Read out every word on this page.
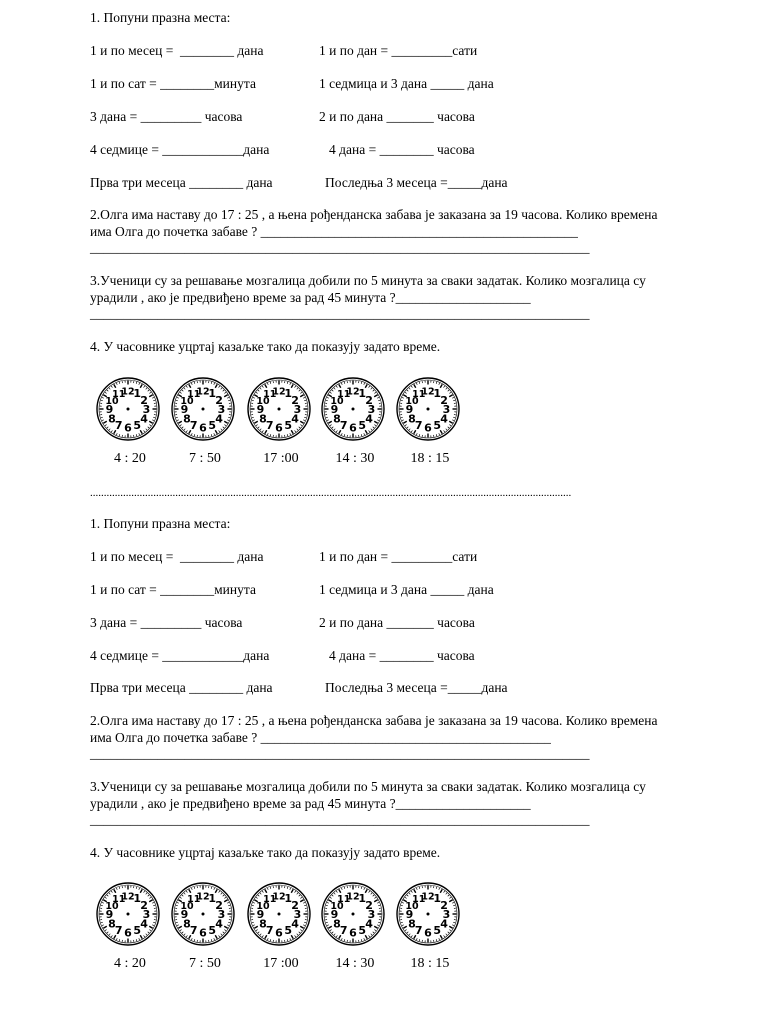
1. Попуни празна места:
1 и по месец =  ________ дана	1 и по дан = _________сати
1 и по сат = ________минута	1 седмица и 3 дана _____ дана
3 дана = _________ часова	2 и по дана _______ часова
4 седмице = ____________дана	4 дана = ________ часова
Прва три месеца ________ дана	Последња 3 месеца =_____дана
2.Олга има наставу до 17 : 25 , а њена рођенданска забава је заказана за 19 часова. Колико времена
има Олга до почетка забаве ? _______________________________________________
__________________________________________________________________________
3.Ученици су за решавање мозгалица добили по 5 минута за сваки задатак. Колико мозгалица су
урадили , ако је предвиђено време за рад 45 минута ?____________________
__________________________________________________________________________
4. У часовнике уцртај казаљке тако да показују задато време.
12
1
2
3
4
5
6
7
8
9
10
11	12
1
2
3
4
5
6
7
8
9
10
11	12
1
2
3
4
5
6
7
8
9
10
11	12
1
2
3
4
5
6
7
8
9
10
11	12
1
2
3
4
5
6
7
8
9
10
11
4 : 20	7 : 50	17 :00	14 : 30	18 : 15
...............................................................................................................................................................................
1. Попуни празна места:
1 и по месец =  ________ дана	1 и по дан = _________сати
1 и по сат = ________минута	1 седмица и 3 дана _____ дана
3 дана = _________ часова	2 и по дана _______ часова
4 седмице = ____________дана	4 дана = ________ часова
Прва три месеца ________ дана	Последња 3 месеца =_____дана
2.Олга има наставу до 17 : 25 , а њена рођенданска забава је заказана за 19 часова. Колико времена
има Олга до почетка забаве ? ___________________________________________
__________________________________________________________________________
3.Ученици су за решавање мозгалица добили по 5 минута за сваки задатак. Колико мозгалица су
урадили , ако је предвиђено време за рад 45 минута ?____________________
__________________________________________________________________________
4. У часовнике уцртај казаљке тако да показују задато време.
12
1
2
3
4
5
6
7
8
9
10
11	12
1
2
3
4
5
6
7
8
9
10
11	12
1
2
3
4
5
6
7
8
9
10
11	12
1
2
3
4
5
6
7
8
9
10
11	12
1
2
3
4
5
6
7
8
9
10
11
4 : 20	7 : 50	17 :00	14 : 30	18 : 15
